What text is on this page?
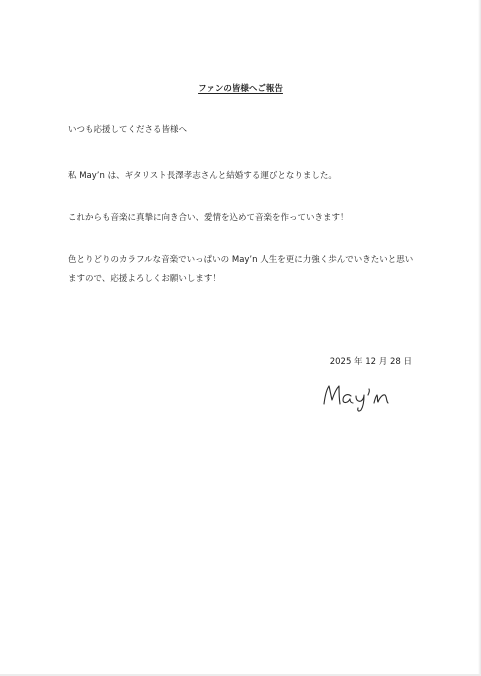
ファンの皆様へご報告

いつも応援してくださる皆様へ

私 May’n は、ギタリスト長澤孝志さんと結婚する運びとなりました。

これからも音楽に真摯に向き合い、愛情を込めて音楽を作っていきます！

色とりどりのカラフルな音楽でいっぱいの May’n 人生を更に力強く歩んでいきたいと思いますので、応援よろしくお願いします！

2025 年 12 月 28 日
